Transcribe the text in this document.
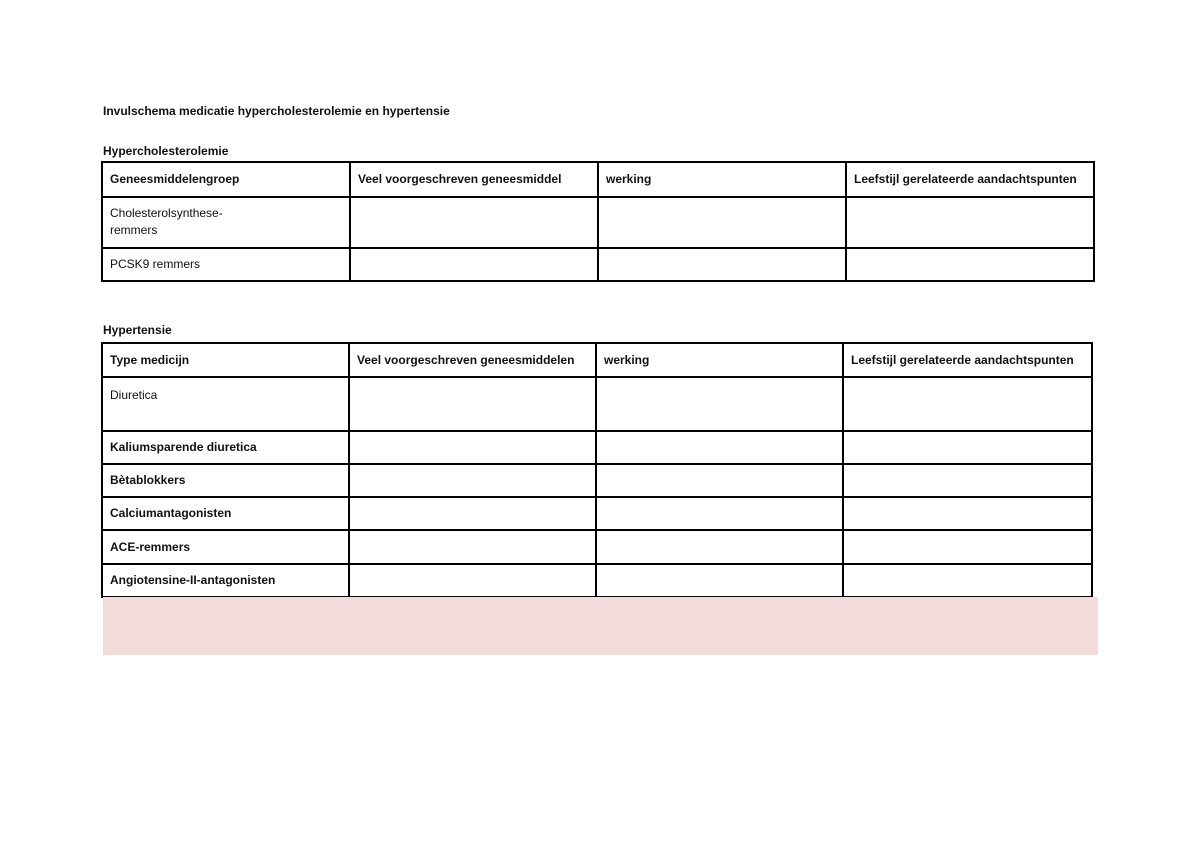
Invulschema medicatie hypercholesterolemie en hypertensie
Hypercholesterolemie
Geneesmiddelengroep	Veel voorgeschreven geneesmiddel	werking	Leefstijl gerelateerde aandachtspunten
Cholesterolsynthese-
remmers			
PCSK9 remmers			
Hypertensie
Type medicijn	Veel voorgeschreven geneesmiddelen	werking	Leefstijl gerelateerde aandachtspunten
Diuretica			
Kaliumsparende diuretica			
Bètablokkers			
Calciumantagonisten			
ACE-remmers			
Angiotensine-II-antagonisten			
